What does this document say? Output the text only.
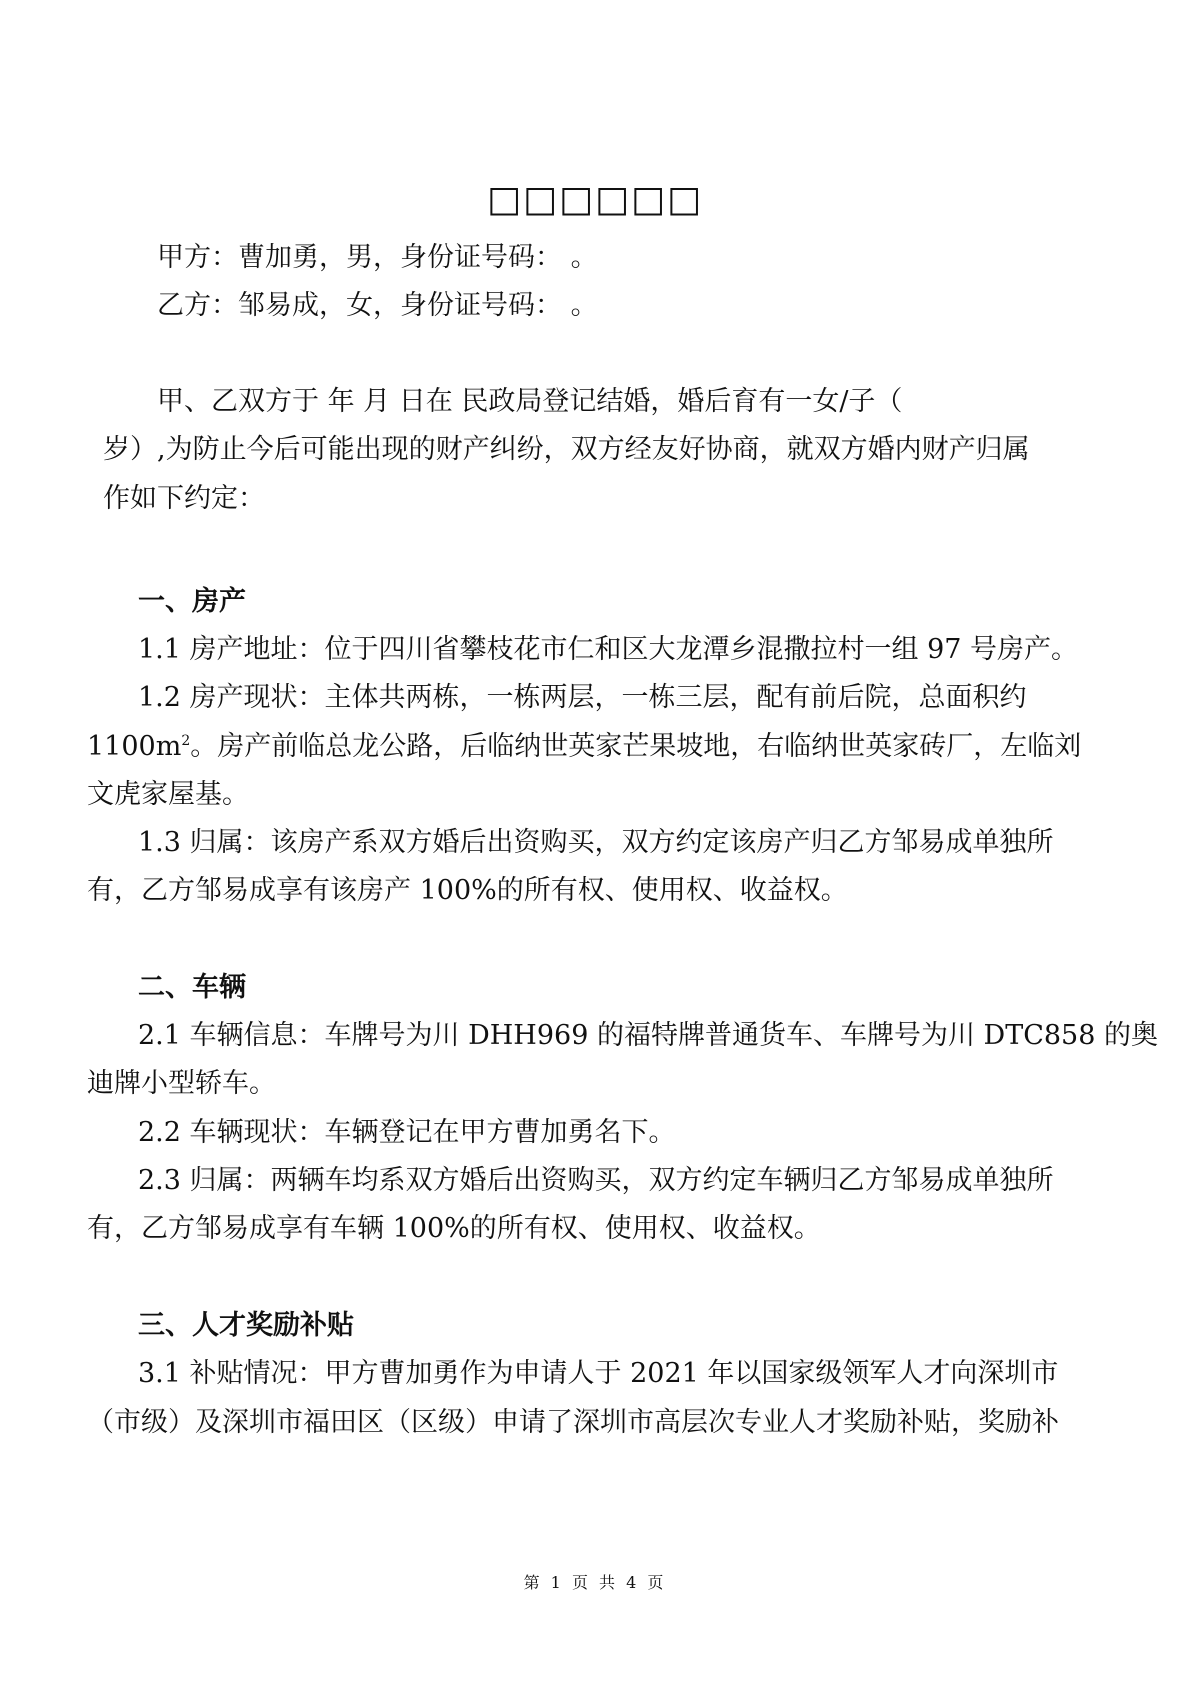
□□□□□□
甲方：曹加勇，男，身份证号码： 。
乙方：邹易成，女，身份证号码： 。
甲、乙双方于 年 月 日在 民政局登记结婚，婚后育有一女/子（
岁）,为防止今后可能出现的财产纠纷，双方经友好协商，就双方婚内财产归属
作如下约定：
一、房产
1.1 房产地址：位于四川省攀枝花市仁和区大龙潭乡混撒拉村一组 97 号房产。
1.2 房产现状：主体共两栋，一栋两层，一栋三层，配有前后院，总面积约
$1100m^2$。房产前临总龙公路，后临纳世英家芒果坡地，右临纳世英家砖厂，左临刘
文虎家屋基。
1.3 归属：该房产系双方婚后出资购买，双方约定该房产归乙方邹易成单独所
有，乙方邹易成享有该房产 100%的所有权、使用权、收益权。
二、车辆
2.1 车辆信息：车牌号为川 DHH969 的福特牌普通货车、车牌号为川 DTC858 的奥
迪牌小型轿车。
2.2 车辆现状：车辆登记在甲方曹加勇名下。
2.3 归属：两辆车均系双方婚后出资购买，双方约定车辆归乙方邹易成单独所
有，乙方邹易成享有车辆 100%的所有权、使用权、收益权。
三、人才奖励补贴
3.1 补贴情况：甲方曹加勇作为申请人于 2021 年以国家级领军人才向深圳市
（市级）及深圳市福田区（区级）申请了深圳市高层次专业人才奖励补贴，奖励补
第 1 页 共 4 页
